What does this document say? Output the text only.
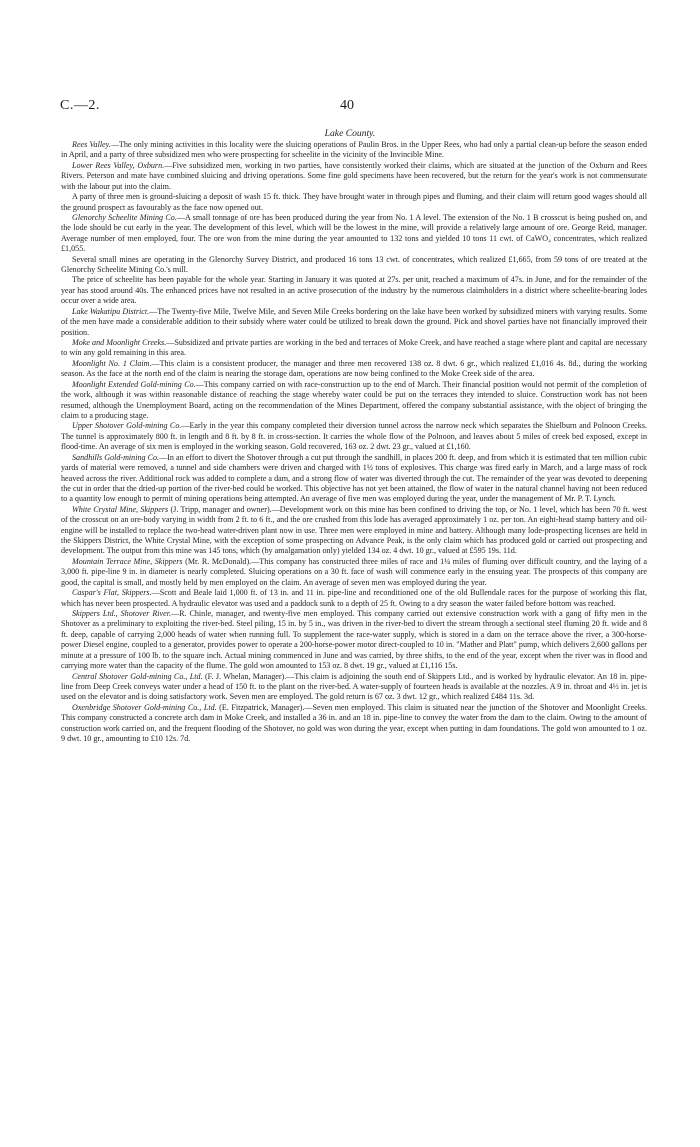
C.—2.	40
Lake County.

Rees Valley.—The only mining activities in this locality were the sluicing operations of Paulin Bros. in the Upper Rees, who had only a partial clean-up before the season ended in April, and a party of three subsidized men who were prospecting for scheelite in the vicinity of the Invincible Mine.

Lower Rees Valley, Oxburn.—Five subsidized men, working in two parties, have consistently worked their claims, which are situated at the junction of the Oxburn and Rees Rivers. Peterson and mate have combined sluicing and driving operations. Some fine gold specimens have been recovered, but the return for the year's work is not commensurate with the labour put into the claim.

A party of three men is ground-sluicing a deposit of wash 15 ft. thick. They have brought water in through pipes and fluming, and their claim will return good wages should all the ground prospect as favourably as the face now opened out.

Glenorchy Scheelite Mining Co.—A small tonnage of ore has been produced during the year from No. 1 A level. The extension of the No. 1 B crosscut is being pushed on, and the lode should be cut early in the year. The development of this level, which will be the lowest in the mine, will provide a relatively large amount of ore. George Reid, manager. Average number of men employed, four. The ore won from the mine during the year amounted to 132 tons and yielded 10 tons 11 cwt. of CaWO₄ concentrates, which realized £1,055.

Several small mines are operating in the Glenorchy Survey District, and produced 16 tons 13 cwt. of concentrates, which realized £1,665, from 59 tons of ore treated at the Glenorchy Scheelite Mining Co.'s mill.

The price of scheelite has been payable for the whole year. Starting in January it was quoted at 27s. per unit, reached a maximum of 47s. in June, and for the remainder of the year has stood around 40s. The enhanced prices have not resulted in an active prosecution of the industry by the numerous claimholders in a district where scheelite-bearing lodes occur over a wide area.

Lake Wakatipu District.—The Twenty-five Mile, Twelve Mile, and Seven Mile Creeks bordering on the lake have been worked by subsidized miners with varying results. Some of the men have made a considerable addition to their subsidy where water could be utilized to break down the ground. Pick and shovel parties have not financially improved their position.

Moke and Moonlight Creeks.—Subsidized and private parties are working in the bed and terraces of Moke Creek, and have reached a stage where plant and capital are necessary to win any gold remaining in this area.

Moonlight No. 1 Claim.—This claim is a consistent producer, the manager and three men recovered 138 oz. 8 dwt. 6 gr., which realized £1,016 4s. 8d., during the working season. As the face at the north end of the claim is nearing the storage dam, operations are now being confined to the Moke Creek side of the area.

Moonlight Extended Gold-mining Co.—This company carried on with race-construction up to the end of March. Their financial position would not permit of the completion of the work, although it was within reasonable distance of reaching the stage whereby water could be put on the terraces they intended to sluice. Construction work has not been resumed, although the Unemployment Board, acting on the recommendation of the Mines Department, offered the company substantial assistance, with the object of bringing the claim to a producing stage.

Upper Shotover Gold-mining Co.—Early in the year this company completed their diversion tunnel across the narrow neck which separates the Shielburn and Polnoon Creeks. The tunnel is approximately 800 ft. in length and 8 ft. by 8 ft. in cross-section. It carries the whole flow of the Polnoon, and leaves about 5 miles of creek bed exposed, except in flood-time. An average of six men is employed in the working season. Gold recovered, 163 oz. 2 dwt. 23 gr., valued at £1,160.

Sandhills Gold-mining Co.—In an effort to divert the Shotover through a cut put through the sandhill, in places 200 ft. deep, and from which it is estimated that ten million cubic yards of material were removed, a tunnel and side chambers were driven and charged with 1½ tons of explosives. This charge was fired early in March, and a large mass of rock heaved across the river. Additional rock was added to complete a dam, and a strong flow of water was diverted through the cut. The remainder of the year was devoted to deepening the cut in order that the dried-up portion of the river-bed could be worked. This objective has not yet been attained, the flow of water in the natural channel having not been reduced to a quantity low enough to permit of mining operations being attempted. An average of five men was employed during the year, under the management of Mr. P. T. Lynch.

White Crystal Mine, Skippers (J. Tripp, manager and owner).—Development work on this mine has been confined to driving the top, or No. 1 level, which has been 70 ft. west of the crosscut on an ore-body varying in width from 2 ft. to 6 ft., and the ore crushed from this lode has averaged approximately 1 oz. per ton. An eight-head stamp battery and oil-engine will be installed to replace the two-head water-driven plant now in use. Three men were employed in mine and battery. Although many lode-prospecting licenses are held in the Skippers District, the White Crystal Mine, with the exception of some prospecting on Advance Peak, is the only claim which has produced gold or carried out prospecting and development. The output from this mine was 145 tons, which (by amalgamation only) yielded 134 oz. 4 dwt. 10 gr., valued at £595 19s. 11d.

Mountain Terrace Mine, Skippers (Mr. R. McDonald).—This company has constructed three miles of race and 1¼ miles of fluming over difficult country, and the laying of a 3,000 ft. pipe-line 9 in. in diameter is nearly completed. Sluicing operations on a 30 ft. face of wash will commence early in the ensuing year. The prospects of this company are good, the capital is small, and mostly held by men employed on the claim. An average of seven men was employed during the year.

Caspar's Flat, Skippers.—Scott and Beale laid 1,000 ft. of 13 in. and 11 in. pipe-line and reconditioned one of the old Bullendale races for the purpose of working this flat, which has never been prospected. A hydraulic elevator was used and a paddock sunk to a depth of 25 ft. Owing to a dry season the water failed before bottom was reached.

Skippers Ltd., Shotover River.—R. Chinle, manager, and twenty-five men employed. This company carried out extensive construction work with a gang of fifty men in the Shotover as a preliminary to exploiting the river-bed. Steel piling, 15 in. by 5 in., was driven in the river-bed to divert the stream through a sectional steel fluming 20 ft. wide and 8 ft. deep, capable of carrying 2,000 heads of water when running full. To supplement the race-water supply, which is stored in a dam on the terrace above the river, a 300-horse-power Diesel engine, coupled to a generator, provides power to operate a 200-horse-power motor direct-coupled to 10 in. "Mather and Platt" pump, which delivers 2,600 gallons per minute at a pressure of 100 lb. to the square inch. Actual mining commenced in June and was carried, by three shifts, to the end of the year, except when the river was in flood and carrying more water than the capacity of the flume. The gold won amounted to 153 oz. 8 dwt. 19 gr., valued at £1,116 15s.

Central Shotover Gold-mining Co., Ltd. (F. J. Whelan, Manager).—This claim is adjoining the south end of Skippers Ltd., and is worked by hydraulic elevator. An 18 in. pipe-line from Deep Creek conveys water under a head of 150 ft. to the plant on the river-bed. A water-supply of fourteen heads is available at the nozzles. A 9 in. throat and 4½ in. jet is used on the elevator and is doing satisfactory work. Seven men are employed. The gold return is 67 oz. 3 dwt. 12 gr., which realized £484 11s. 3d.

Oxenbridge Shotover Gold-mining Co., Ltd. (E. Fitzpatrick, Manager).—Seven men employed. This claim is situated near the junction of the Shotover and Moonlight Creeks. This company constructed a concrete arch dam in Moke Creek, and installed a 36 in. and an 18 in. pipe-line to convey the water from the dam to the claim. Owing to the amount of construction work carried on, and the frequent flooding of the Shotover, no gold was won during the year, except when putting in dam foundations. The gold won amounted to 1 oz. 9 dwt. 10 gr., amounting to £10 12s. 7d.
